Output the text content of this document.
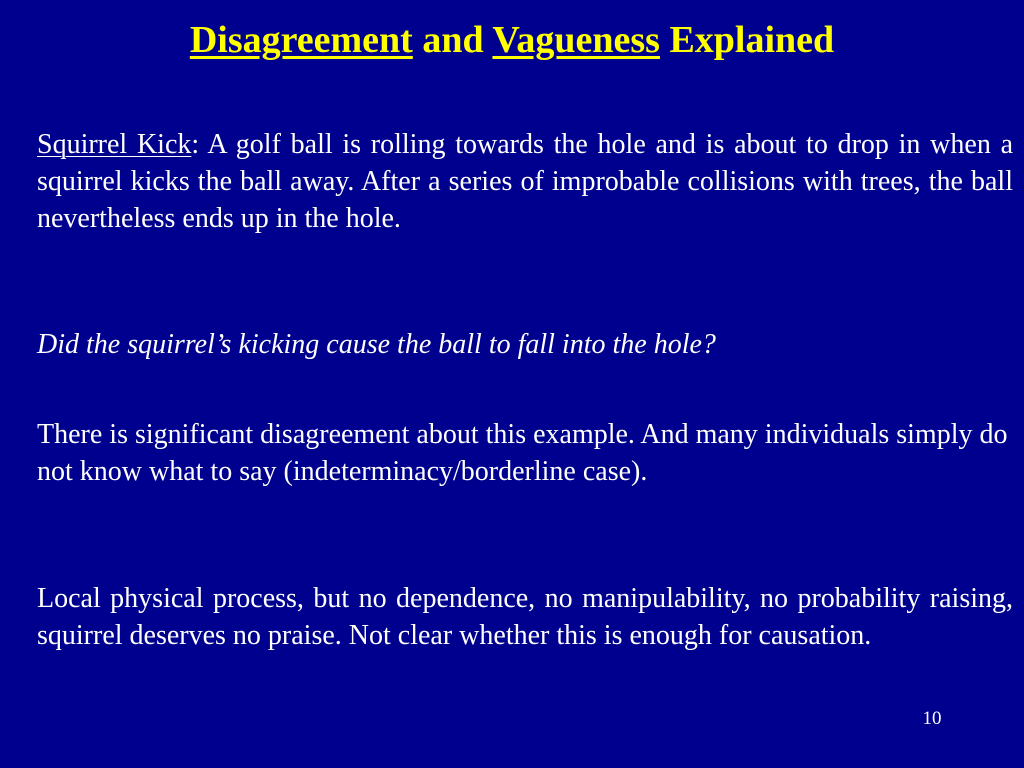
Disagreement and Vagueness Explained

Squirrel Kick: A golf ball is rolling towards the hole and is about to drop in when a squirrel kicks the ball away. After a series of improbable collisions with trees, the ball nevertheless ends up in the hole.

Did the squirrel’s kicking cause the ball to fall into the hole?

There is significant disagreement about this example. And many individuals simply do not know what to say (indeterminacy/borderline case).

Local physical process, but no dependence, no manipulability, no probability raising, squirrel deserves no praise. Not clear whether this is enough for causation.

10
